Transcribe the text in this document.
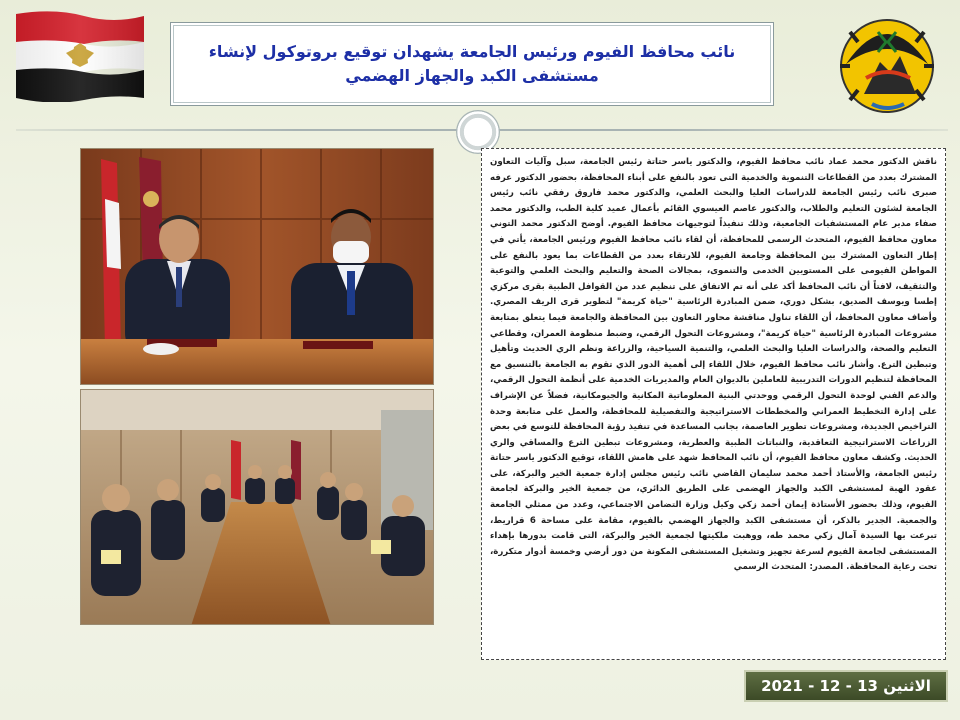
نائب محافظ الفيوم ورئيس الجامعة يشهدان توقيع بروتوكول لإنشاء مستشفى الكبد والجهاز الهضمي
ناقش الدكتور محمد عماد نائب محافظ الفيوم، والدكتور ياسر حتاتة رئيس الجامعة، سبل وآليات التعاون المشترك بعدد من القطاعات التنموية والخدمية التى تعود بالنفع على أبناء المحافظة، بحضور الدكتور عرفه صبرى نائب رئيس الجامعة للدراسات العليا والبحث العلمي، والدكتور محمد فاروق رفقي نائب رئيس الجامعة لشئون التعليم والطلاب، والدكتور عاصم العيسوي القائم بأعمال عميد كلية الطب، والدكتور محمد صفاء مدير عام المستشفيات الجامعية، وذلك تنفيذاً لتوجيهات محافظ الفيوم. أوضح الدكتور محمد التوني معاون محافظ الفيوم، المتحدث الرسمى للمحافظة، أن لقاء نائب محافظ الفيوم ورئيس الجامعة، يأتي في إطار التعاون المشترك بين المحافظة وجامعة الفيوم، للارتقاء بعدد من القطاعات بما يعود بالنفع على المواطن الفيومى على المستويين الخدمى والتنموى، بمجالات الصحة والتعليم والبحث العلمي والتوعية والتثقيف، لافتاً أن نائب المحافظ أكد على أنه تم الاتفاق على تنظيم عدد من القوافل الطبية بقرى مركزي إطسا ويوسف الصديق، بشكل دوري، ضمن المبادرة الرئاسية "حياة كريمة" لتطوير قرى الريف المصري. وأضاف معاون المحافظ، أن اللقاء تناول مناقشة محاور التعاون بين المحافظة والجامعة فيما يتعلق بمتابعة مشروعات المبادرة الرئاسية "حياة كريمة"، ومشروعات التحول الرقمي، وضبط منظومة العمران، وقطاعي التعليم والصحة، والدراسات العليا والبحث العلمي، والتنمية السياحية، والزراعة ونظم الري الحديث وتأهيل وتبطين الترع. وأشار نائب محافظ الفيوم، خلال اللقاء إلى أهمية الدور الذي تقوم به الجامعة بالتنسيق مع المحافظة لتنظيم الدورات التدريبية للعاملين بالديوان العام والمديريات الخدمية على أنظمة التحول الرقمي، والدعم الفني لوحدة التحول الرقمي ووحدتي البنية المعلوماتية المكانية والجيومكانية، فضلاً عن الإشراف على إدارة التخطيط العمراني والمخططات الاستراتيجية والتفصيلية للمحافظة، والعمل على متابعة وحدة التراخيص الجديدة، ومشروعات تطوير العاصمة، بجانب المساعدة في تنفيذ رؤية المحافظة للتوسع في بعض الزراعات الاستراتيجية التعاقدية، والنباتات الطبية والعطرية، ومشروعات تبطين الترع والمساقي والري الحديث. وكشف معاون محافظ الفيوم، أن نائب المحافظ شهد على هامش اللقاء، توقيع الدكتور ياسر حتاتة رئيس الجامعة، والأستاذ أحمد محمد سليمان القاضي نائب رئيس مجلس إدارة جمعية الخير والبركة، على عقود الهبة لمستشفى الكبد والجهاز الهضمى على الطريق الدائري، من جمعية الخير والبركة لجامعة الفيوم، وذلك بحضور الأستاذة إيمان أحمد زكي وكيل وزارة التضامن الاجتماعي، وعدد من ممثلي الجامعة والجمعية. الجدير بالذكر، أن مستشفى الكبد والجهاز الهضمي بالفيوم، مقامة على مساحة 6 قراريط، تبرعت بها السيدة آمال زكي محمد طه، ووهبت ملكيتها لجمعية الخير والبركة، التى قامت بدورها بإهداء المستشفى لجامعة الفيوم لسرعة تجهيز وتشغيل المستشفى المكونة من دور أرضي وخمسة أدوار متكررة، تحت رعاية المحافظة. المصدر: المتحدث الرسمي
الاثنين 13 - 12 - 2021
